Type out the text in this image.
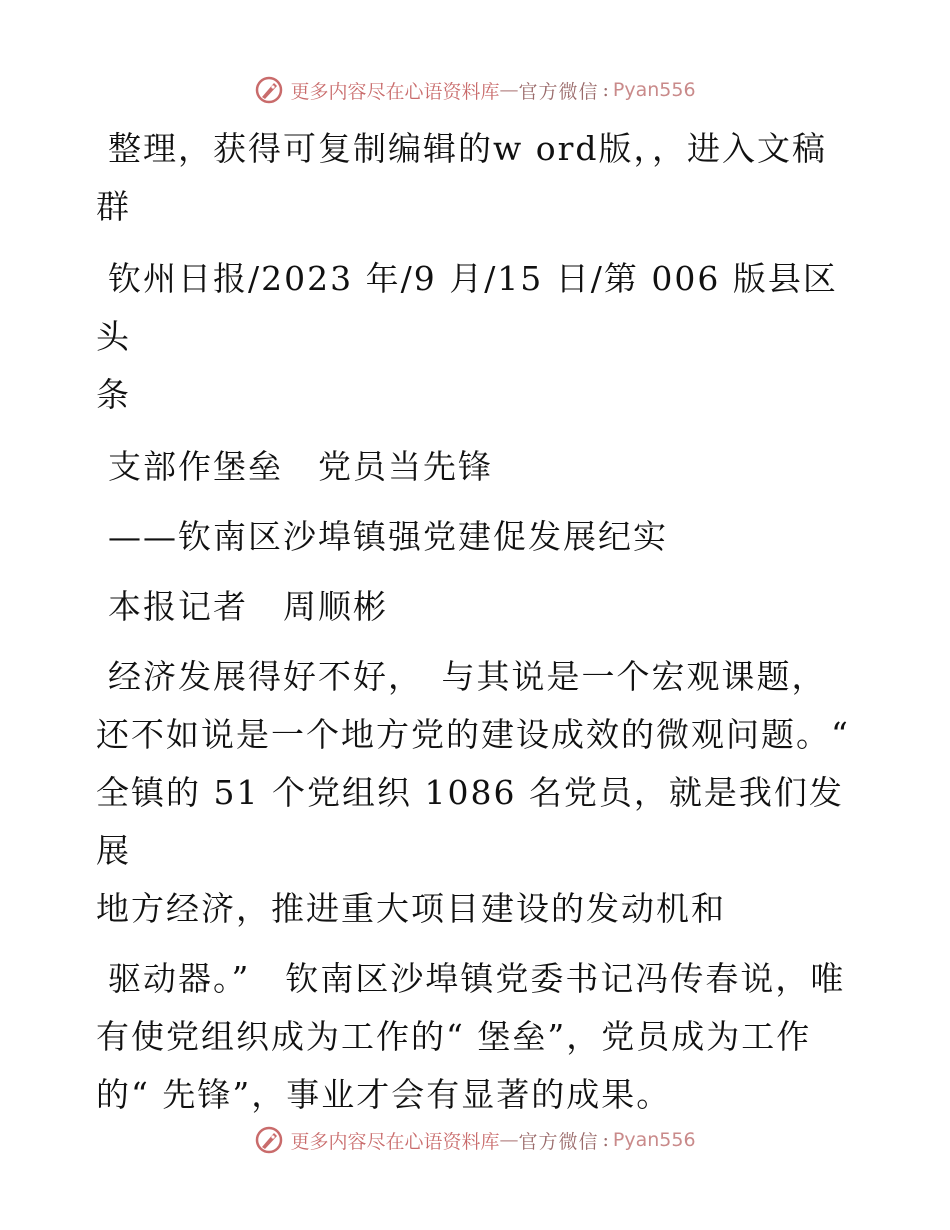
更多内容尽在心语资料库 — 官方微信 : Pyan556

整理，获得可复制编辑的w ord版，，进入文稿

群

钦州日报/2023 年/9 月/15 日/第 006 版县区头

条

支部作堡垒　党员当先锋

——钦南区沙埠镇强党建促发展纪实

本报记者　周顺彬

经济发展得好不好，　与其说是一个宏观课题，

还不如说是一个地方党的建设成效的微观问题。“

全镇的 51 个党组织 1086 名党员，就是我们发展

地方经济，推进重大项目建设的发动机和

驱动器。”　钦南区沙埠镇党委书记冯传春说，唯

有使党组织成为工作的“ 堡垒”，党员成为工作

的“ 先锋”，事业才会有显著的成果。

更多内容尽在心语资料库 — 官方微信 : Pyan556
